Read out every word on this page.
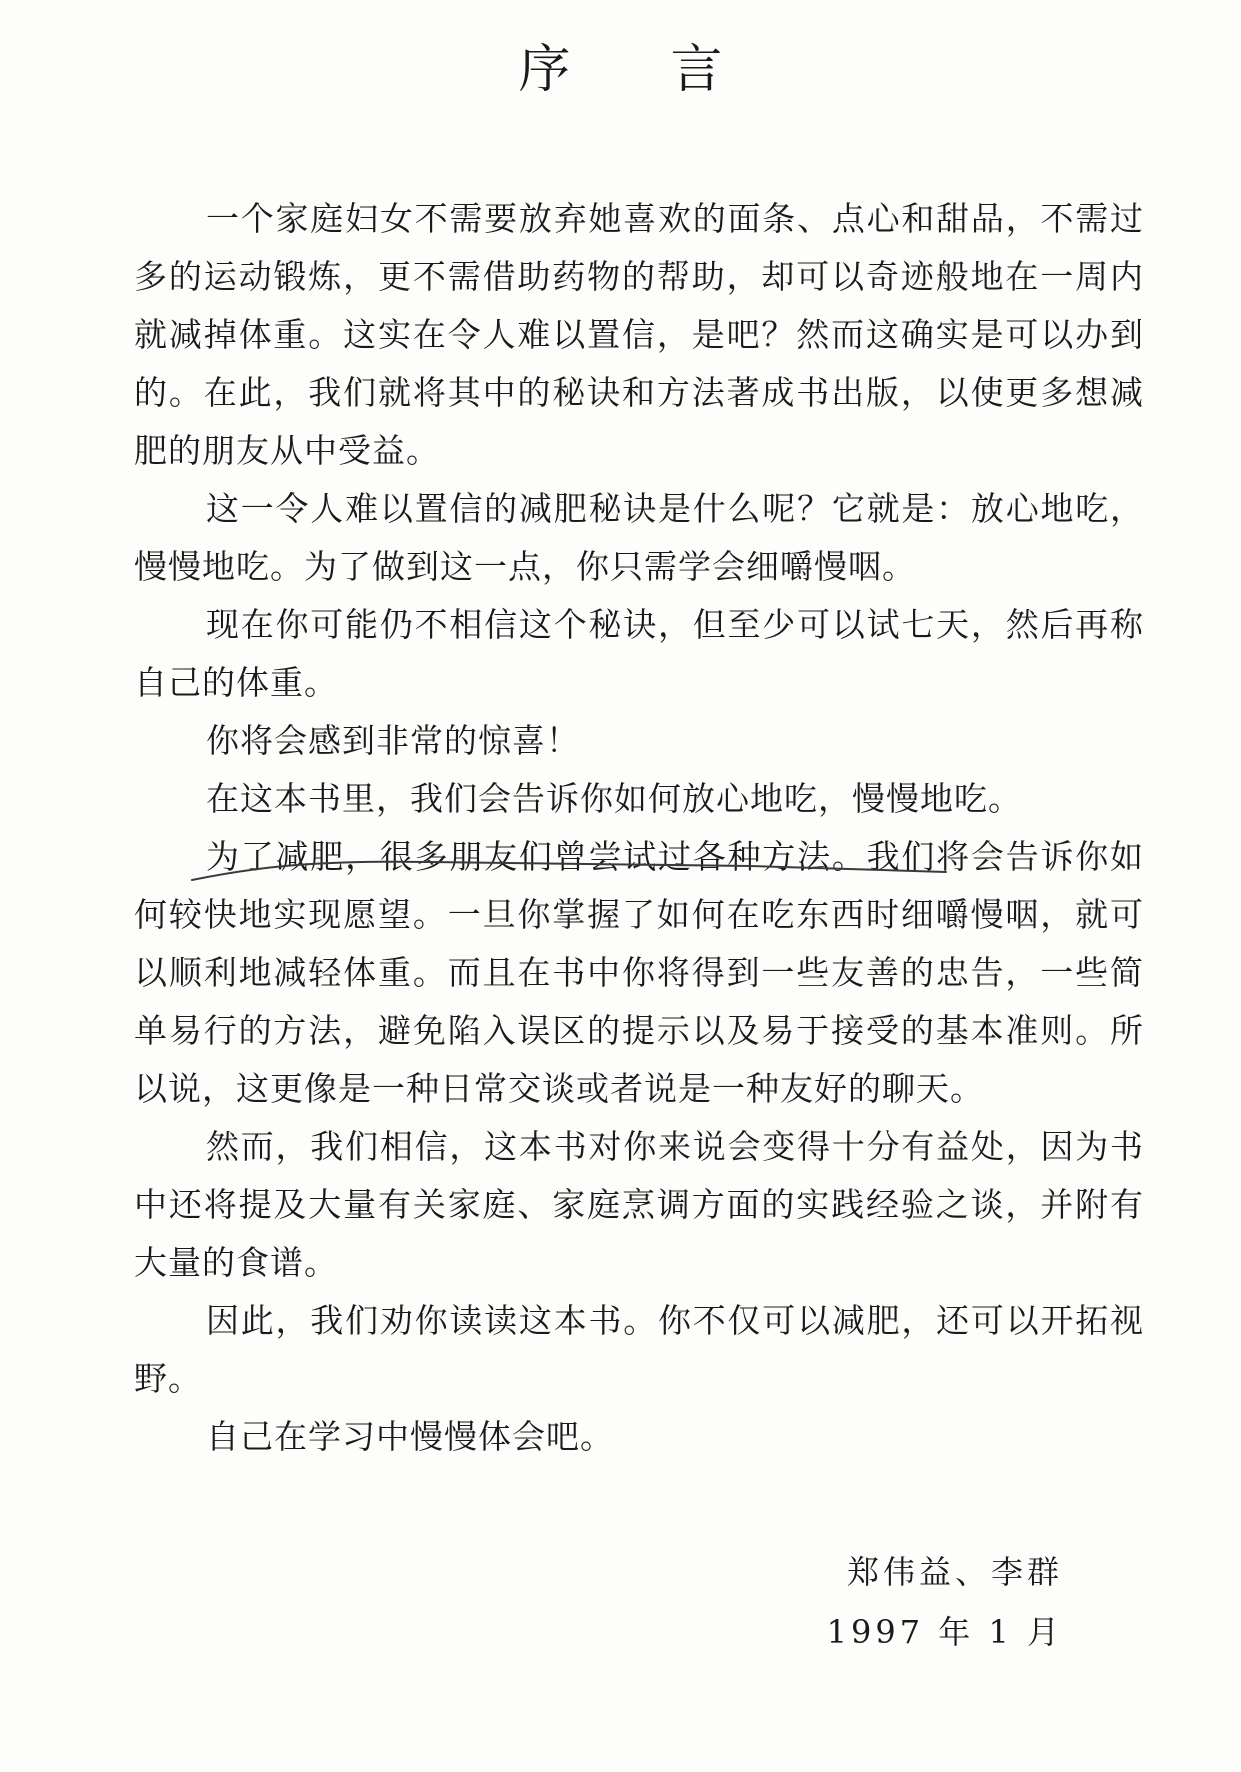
序言

一个家庭妇女不需要放弃她喜欢的面条、点心和甜品，不需过多的运动锻炼，更不需借助药物的帮助，却可以奇迹般地在一周内就减掉体重。这实在令人难以置信，是吧？然而这确实是可以办到的。在此，我们就将其中的秘诀和方法著成书出版，以使更多想减肥的朋友从中受益。

这一令人难以置信的减肥秘诀是什么呢？它就是：放心地吃，慢慢地吃。为了做到这一点，你只需学会细嚼慢咽。

现在你可能仍不相信这个秘诀，但至少可以试七天，然后再称自己的体重。

你将会感到非常的惊喜！

在这本书里，我们会告诉你如何放心地吃，慢慢地吃。

为了减肥，很多朋友们曾尝试过各种方法。我们将会告诉你如何较快地实现愿望。一旦你掌握了如何在吃东西时细嚼慢咽，就可以顺利地减轻体重。而且在书中你将得到一些友善的忠告，一些简单易行的方法，避免陷入误区的提示以及易于接受的基本准则。所以说，这更像是一种日常交谈或者说是一种友好的聊天。

然而，我们相信，这本书对你来说会变得十分有益处，因为书中还将提及大量有关家庭、家庭烹调方面的实践经验之谈，并附有大量的食谱。

因此，我们劝你读读这本书。你不仅可以减肥，还可以开拓视野。

自己在学习中慢慢体会吧。

郑伟益、李群
1997 年 1 月
